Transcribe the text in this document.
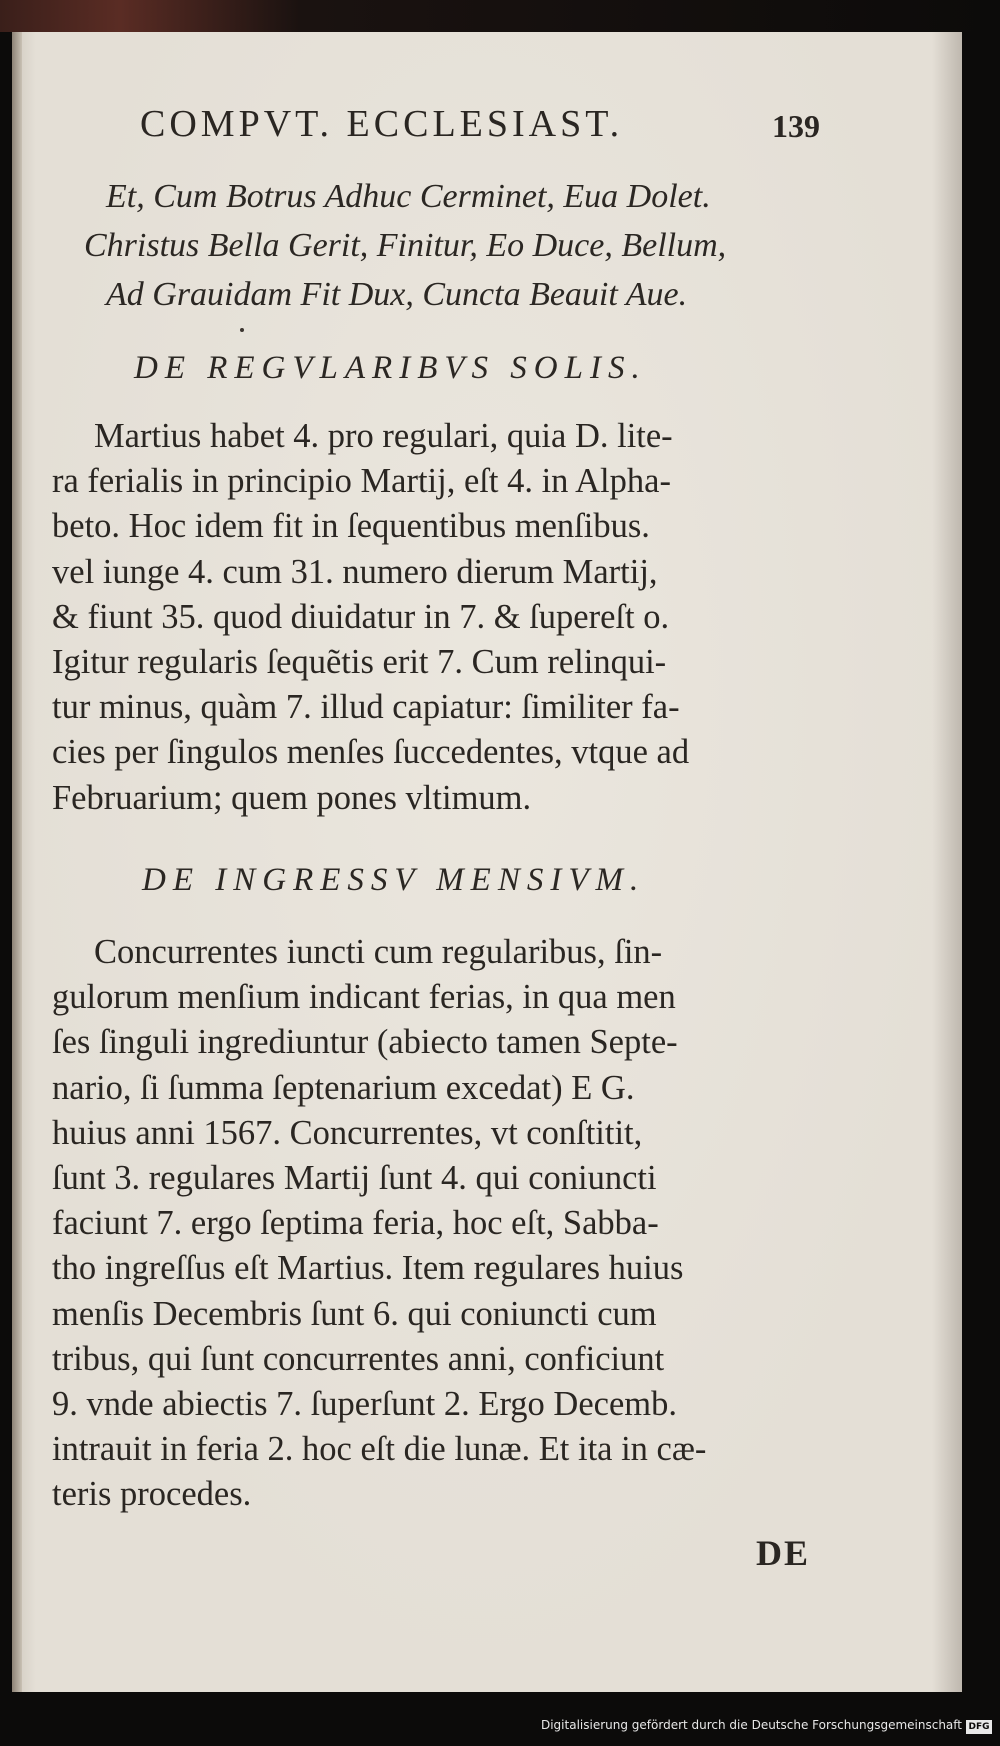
COMPVT. ECCLESIAST.	139
Et, Cum Botrus Adhuc Cerminet, Eua Dolet.
Christus Bella Gerit, Finitur, Eo Duce, Bellum,
Ad Grauidam Fit Dux, Cuncta Beauit Aue.
DE REGVLARIBVS SOLIS.
Martius habet 4. pro regulari, quia D. lite-
ra ferialis in principio Martij, eſt 4. in Alpha-
beto. Hoc idem fit in ſequentibus menſibus.
vel iunge 4. cum 31. numero dierum Martij,
& fiunt 35. quod diuidatur in 7. & ſupereſt o.
Igitur regularis ſequẽtis erit 7. Cum relinqui-
tur minus, quàm 7. illud capiatur: ſimiliter fa-
cies per ſingulos menſes ſuccedentes, vtque ad
Februarium; quem pones vltimum.
DE INGRESSV MENSIVM.
Concurrentes iuncti cum regularibus, ſin-
gulorum menſium indicant ferias, in qua men
ſes ſinguli ingrediuntur (abiecto tamen Septe-
nario, ſi ſumma ſeptenarium excedat) E G.
huius anni 1567. Concurrentes, vt conſtitit,
ſunt 3. regulares Martij ſunt 4. qui coniuncti
faciunt 7. ergo ſeptima feria, hoc eſt, Sabba-
tho ingreſſus eſt Martius. Item regulares huius
menſis Decembris ſunt 6. qui coniuncti cum
tribus, qui ſunt concurrentes anni, conficiunt
9. vnde abiectis 7. ſuperſunt 2. Ergo Decemb.
intrauit in feria 2. hoc eſt die lunæ. Et ita in cæ-
teris procedes.
DE
Digitalisierung gefördert durch die Deutsche Forschungsgemeinschaft DFG
